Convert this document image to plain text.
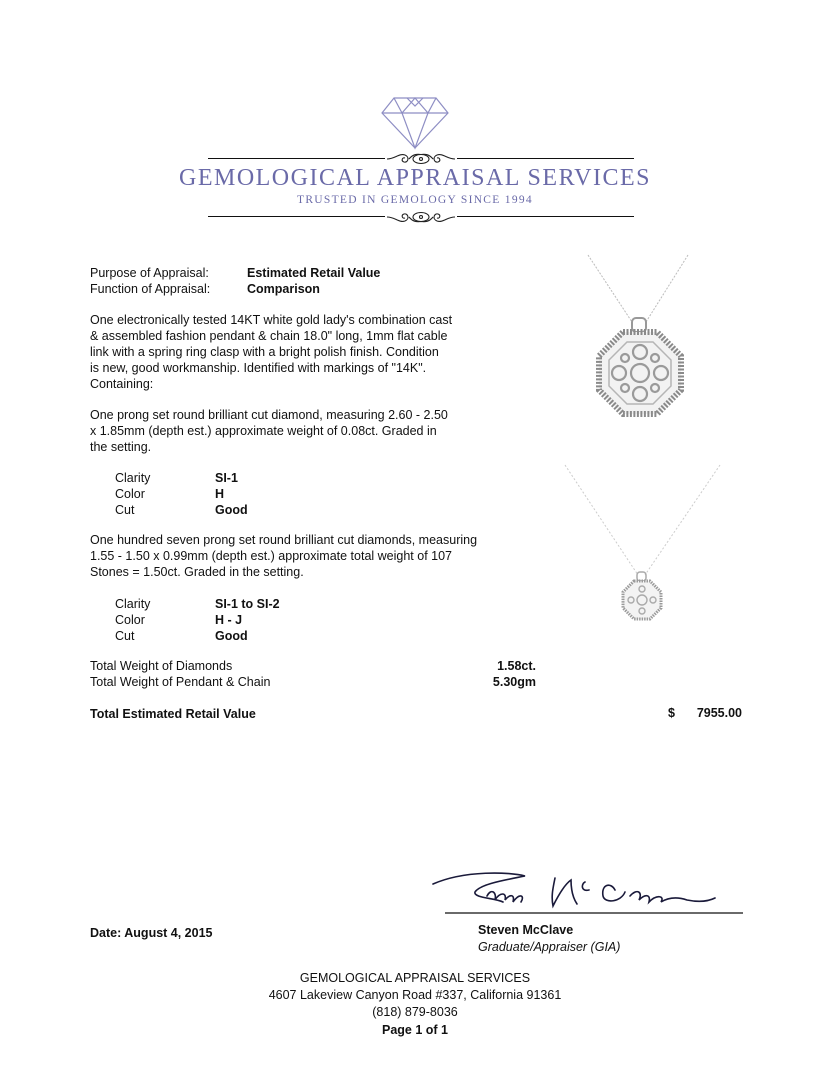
GEMOLOGICAL APPRAISAL SERVICES
TRUSTED IN GEMOLOGY SINCE 1994
Purpose of Appraisal:	Estimated Retail Value
Function of Appraisal:	Comparison
One electronically tested 14KT white gold lady's combination cast
& assembled fashion pendant & chain 18.0" long, 1mm flat cable
link with a spring ring clasp with a bright polish finish. Condition
is new, good workmanship. Identified with markings of "14K".
Containing:
One prong set round brilliant cut diamond, measuring 2.60 - 2.50
x 1.85mm (depth est.) approximate weight of 0.08ct. Graded in
the setting.
Clarity	SI-1
Color	H
Cut	Good
One hundred seven prong set round brilliant cut diamonds, measuring
1.55 - 1.50 x 0.99mm (depth est.) approximate total weight of 107
Stones = 1.50ct. Graded in the setting.
Clarity	SI-1 to SI-2
Color	H - J
Cut	Good
Total Weight of Diamonds	1.58ct.
Total Weight of Pendant & Chain	5.30gm
Total Estimated Retail Value	$	7955.00
Date: August 4, 2015	Steven McClave
Graduate/Appraiser (GIA)
GEMOLOGICAL APPRAISAL SERVICES
4607 Lakeview Canyon Road #337, California 91361
(818) 879-8036
Page 1 of 1
